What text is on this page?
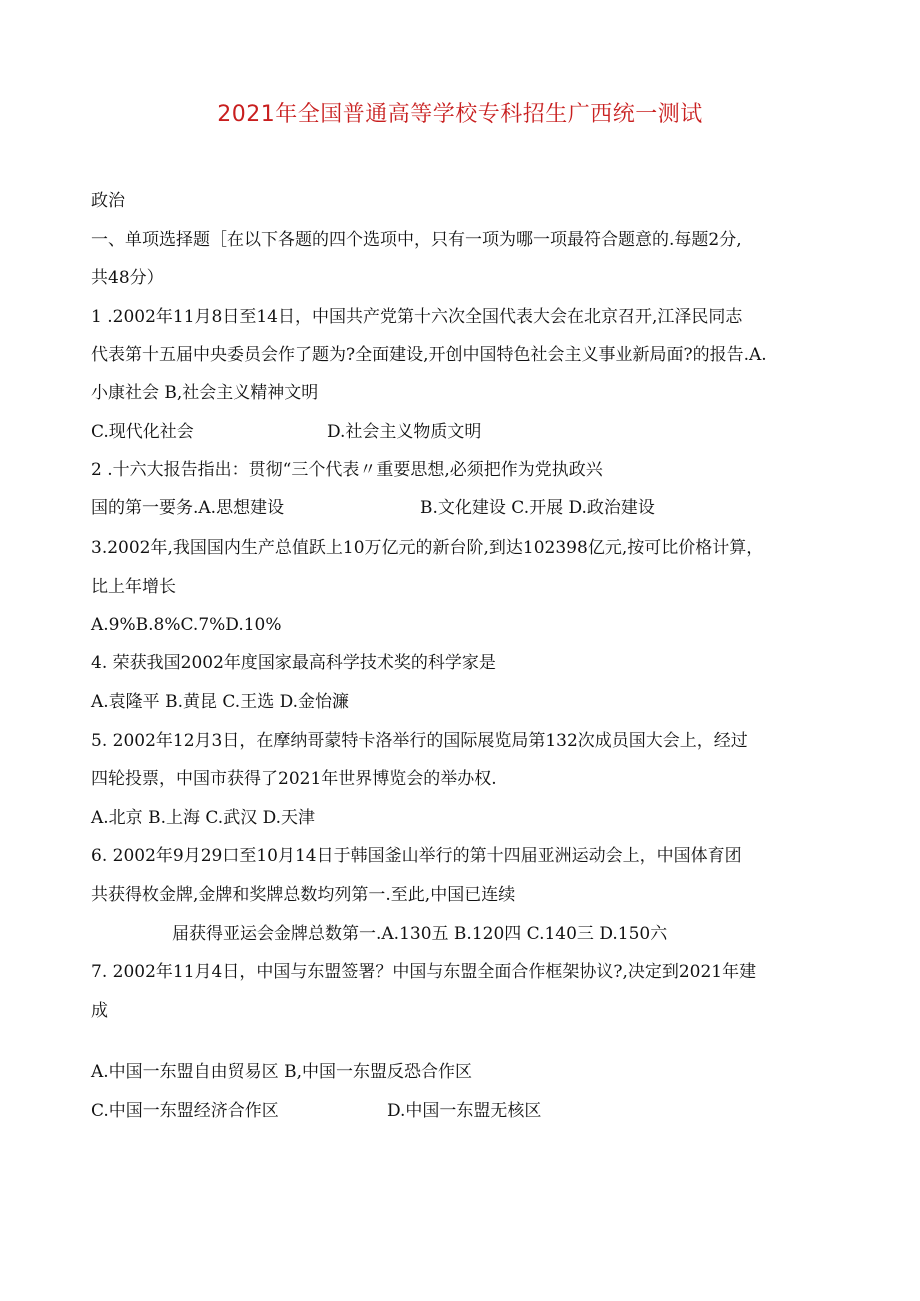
2021年全国普通高等学校专科招生广西统一测试
政治
一、单项选择题［在以下各题的四个选项中，只有一项为哪一项最符合题意的.每题2分,
共48分）
1 .2002年11月8日至14日，中国共产党第十六次全国代表大会在北京召开,江泽民同志
代表第十五届中央委员会作了题为?全面建设,开创中国特色社会主义事业新局面?的报告.A.
小康社会 B,社会主义精神文明
C.现代化社会	D.社会主义物质文明
2 .十六大报告指出：贯彻“三个代表〃重要思想,必须把作为党执政兴
国的第一要务.A.思想建设	B.文化建设 C.开展 D.政治建设
3.2002年,我国国内生产总值跃上10万亿元的新台阶,到达102398亿元,按可比价格计算，
比上年增长
A.9%B.8%C.7%D.10%
4. 荣获我国2002年度国家最高科学技术奖的科学家是
A.袁隆平 B.黄昆 C.王选 D.金怡濂
5. 2002年12月3日，在摩纳哥蒙特卡洛举行的国际展览局第132次成员国大会上，经过
四轮投票，中国市获得了2021年世界博览会的举办权.
A.北京 B.上海 C.武汉 D.天津
6. 2002年9月29口至10月14日于韩国釜山举行的第十四届亚洲运动会上，中国体育团
共获得枚金牌,金牌和奖牌总数均列第一.至此,中国已连续
届获得亚运会金牌总数第一.A.130五 B.120四 C.140三 D.150六
7. 2002年11月4日，中国与东盟签署？中国与东盟全面合作框架协议?,决定到2021年建
成
A.中国一东盟自由贸易区 B,中国一东盟反恐合作区
C.中国一东盟经济合作区	D.中国一东盟无核区
